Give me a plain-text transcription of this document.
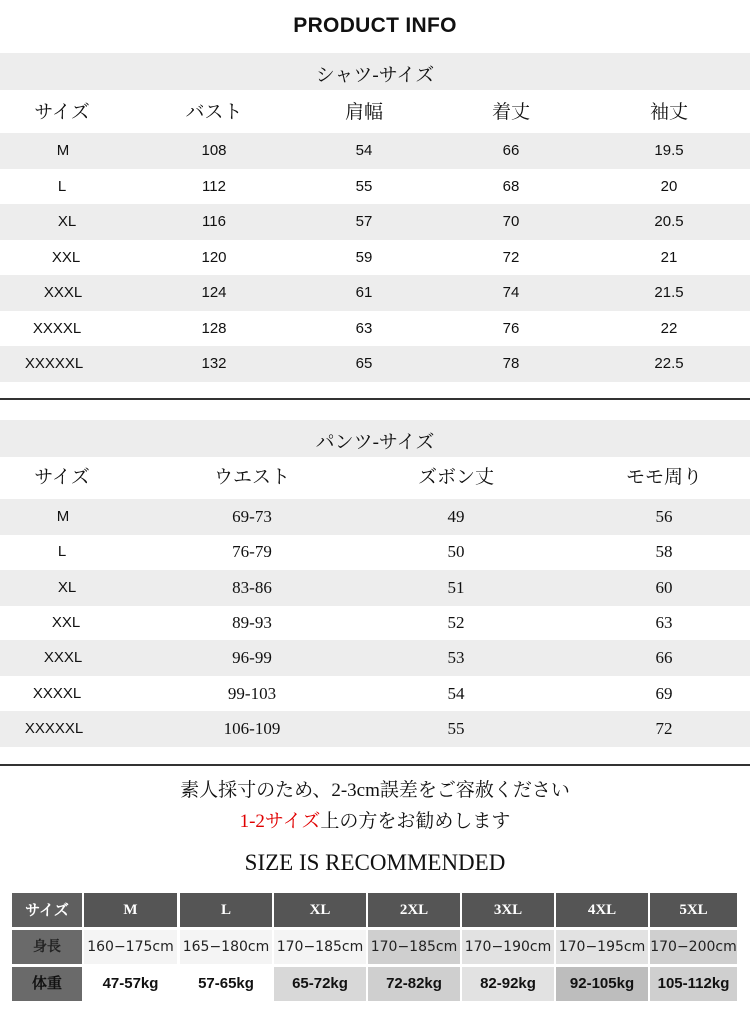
PRODUCT INFO
シャツ-サイズ
サイズ	バスト	肩幅	着丈	袖丈
M	108	54	66	19.5
L	112	55	68	20
XL	116	57	70	20.5
XXL	120	59	72	21
XXXL	124	61	74	21.5
XXXXL	128	63	76	22
XXXXXL	132	65	78	22.5
パンツ-サイズ
サイズ	ウエスト	ズボン丈	モモ周り
M	69-73	49	56
L	76-79	50	58
XL	83-86	51	60
XXL	89-93	52	63
XXXL	96-99	53	66
XXXXL	99-103	54	69
XXXXXL	106-109	55	72
素人採寸のため、2-3cm誤差をご容赦ください
1-2サイズ上の方をお勧めします
SIZE IS RECOMMENDED
サイズ	M	L	XL	2XL	3XL	4XL	5XL
身長	160−175cm 165−180cm 170−185cm 170−185cm 170−190cm 170−195cm 170−200cm
体重	47-57kg	57-65kg	65-72kg	72-82kg	82-92kg	92-105kg	105-112kg
